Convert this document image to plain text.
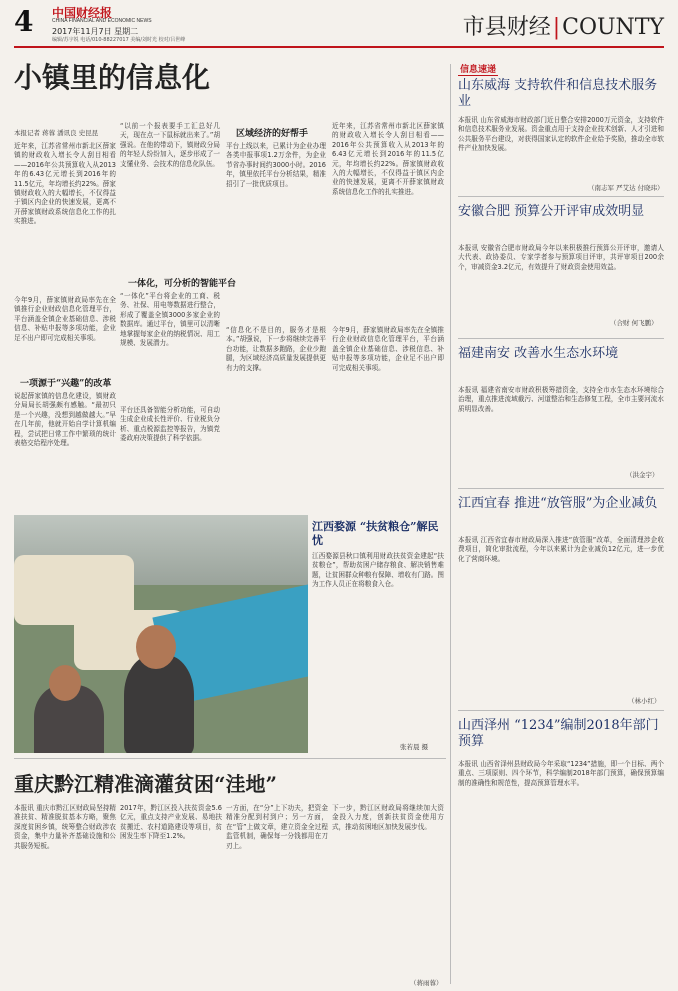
4 中国财经报
CHINA FINANCIAL AND ECONOMIC NEWS
2017年11月7日 星期二
编辑/苏宇锐 电话/010-88227017 美编/刘时光 校对/吕世峰	市县财经|COUNTY
小镇里的信息化
本报记者 蒋蓉 潘讯良 史昆昆
近年来，江苏省常州市新北区薛家镇的财政收入增长令人刮目相看——2016年公共预算收入从2013年的6.43亿元增长到2016年的11.5亿元，年均增长约22%。薛家镇财政收入的大幅增长，不仅得益于镇区内企业的快速发展，更离不开薛家镇财政系统信息化工作的扎实推进。
今年9月，薛家镇财政局率先在全镇推行企业财政信息化管理平台，平台涵盖全镇企业基础信息、涉税信息、补贴申报等多项功能，企业足不出户即可完成相关事项。
一项源于“兴趣”的改革
说起薛家镇的信息化建设，镇财政分局局长胡强颇有感触。“最初只是一个兴趣，没想到越做越大。”早在几年前，他就开始自学计算机编程，尝试把日常工作中繁琐的统计表格交给程序处理。
“以前一个报表要手工汇总好几天，现在点一下鼠标就出来了。”胡强说。在他的带动下，镇财政分局的年轻人纷纷加入，逐步形成了一支懂业务、会技术的信息化队伍。
一体化，可分析的智能平台
“一体化”平台将企业的工商、税务、社保、用电等数据进行整合，形成了覆盖全镇3000多家企业的数据库。通过平台，镇里可以清晰地掌握每家企业的纳税情况、用工规模、发展潜力。
平台还具备智能分析功能，可自动生成企业成长性评价、行业税负分析、重点税源监控等报告，为镇党委政府决策提供了科学依据。
区域经济的好帮手
平台上线以来，已累计为企业办理各类申报事项1.2万余件，为企业节省办事时间约3000小时。2016年，镇里依托平台分析结果，精准招引了一批优质项目。
“信息化不是目的，服务才是根本。”胡强说，下一步将继续完善平台功能，让数据多跑路，企业少跑腿，为区域经济高质量发展提供更有力的支撑。
近年来，江苏省常州市新北区薛家镇的财政收入增长令人刮目相看——2016年公共预算收入从2013年的6.43亿元增长到2016年的11.5亿元，年均增长约22%。薛家镇财政收入的大幅增长，不仅得益于镇区内企业的快速发展，更离不开薛家镇财政系统信息化工作的扎实推进。
今年9月，薛家镇财政局率先在全镇推行企业财政信息化管理平台，平台涵盖全镇企业基础信息、涉税信息、补贴申报等多项功能，企业足不出户即可完成相关事项。
江西婺源 “扶贫粮仓”解民忧
江西婺源县秋口镇利用财政扶贫资金建起“扶贫粮仓”，帮助贫困户储存粮食、解决销售难题，让贫困群众种粮有保障、增收有门路。图为工作人员正在将粮食入仓。
张若晨 摄
重庆黔江精准滴灌贫困“洼地”
本报讯 重庆市黔江区财政局坚持精准扶贫、精准脱贫基本方略，聚焦深度贫困乡镇，统筹整合财政涉农资金，集中力量补齐基础设施和公共服务短板。
2017年，黔江区投入扶贫资金5.6亿元，重点支持产业发展、易地扶贫搬迁、农村道路建设等项目，贫困发生率下降至1.2%。
一方面，在“分”上下功夫，把资金精准分配到村到户；另一方面，在“管”上做文章，建立资金全过程监管机制，确保每一分钱都用在刀刃上。
下一步，黔江区财政局将继续加大资金投入力度，创新扶贫资金使用方式，推动贫困地区加快发展步伐。
（蒋雨蓉）
信息速递
山东威海 支持软件和信息技术服务业
本报讯 山东省威海市财政部门近日整合安排2000万元资金，支持软件和信息技术服务业发展。资金重点用于支持企业技术创新、人才引进和公共服务平台建设，对获得国家认定的软件企业给予奖励，推动全市软件产业加快发展。
（南志军 严艾达 付晓玮）
安徽合肥 预算公开评审成效明显
本报讯 安徽省合肥市财政局今年以来积极推行预算公开评审，邀请人大代表、政协委员、专家学者参与预算项目评审，共评审项目200余个，审减资金3.2亿元，有效提升了财政资金使用效益。
（合财 何飞鹏）
福建南安 改善水生态水环境
本报讯 福建省南安市财政积极筹措资金，支持全市水生态水环境综合治理，重点推进流域截污、河道整治和生态修复工程，全市主要河流水质明显改善。
（洪金宇）
江西宜春 推进“放管服”为企业减负
本报讯 江西省宜春市财政局深入推进“放管服”改革，全面清理涉企收费项目，简化审批流程，今年以来累计为企业减负12亿元，进一步优化了营商环境。
（林小红）
山西泽州 “1234”编制2018年部门预算
本报讯 山西省泽州县财政局今年采取“1234”措施，即一个目标、两个重点、三项原则、四个环节，科学编制2018年部门预算，确保预算编制的准确性和规范性，提高预算管理水平。
